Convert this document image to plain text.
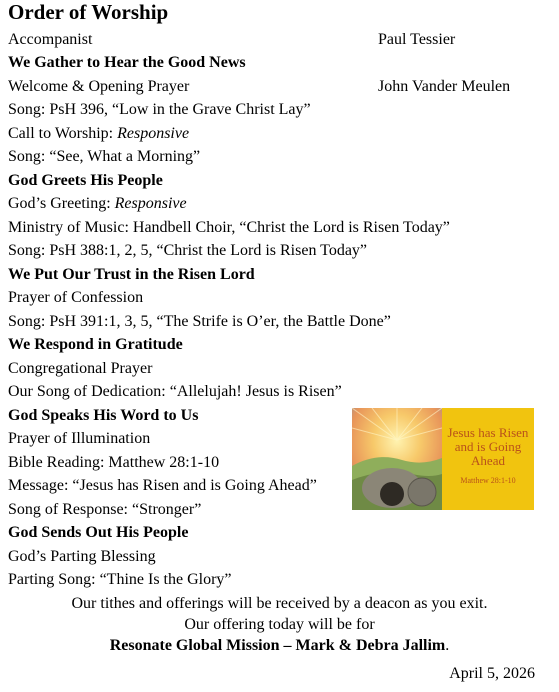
Order of Worship
Accompanist	Paul Tessier
We Gather to Hear the Good News
Welcome & Opening Prayer	John Vander Meulen
Song: PsH 396, “Low in the Grave Christ Lay”
Call to Worship: Responsive
Song: “See, What a Morning”
God Greets His People
God’s Greeting: Responsive
Ministry of Music: Handbell Choir, “Christ the Lord is Risen Today”
Song: PsH 388:1, 2, 5, “Christ the Lord is Risen Today”
We Put Our Trust in the Risen Lord
Prayer of Confession
Song: PsH 391:1, 3, 5, “The Strife is O’er, the Battle Done”
We Respond in Gratitude
Congregational Prayer
Our Song of Dedication: “Allelujah! Jesus is Risen”
God Speaks His Word to Us
Prayer of Illumination
Bible Reading: Matthew 28:1-10
Message: “Jesus has Risen and is Going Ahead”
Song of Response: “Stronger”
God Sends Out His People
God’s Parting Blessing
Parting Song: “Thine Is the Glory”
Jesus has Risen and is Going Ahead
Matthew 28:1-10
Our tithes and offerings will be received by a deacon as you exit.
Our offering today will be for
Resonate Global Mission – Mark & Debra Jallim.
April 5, 2026
